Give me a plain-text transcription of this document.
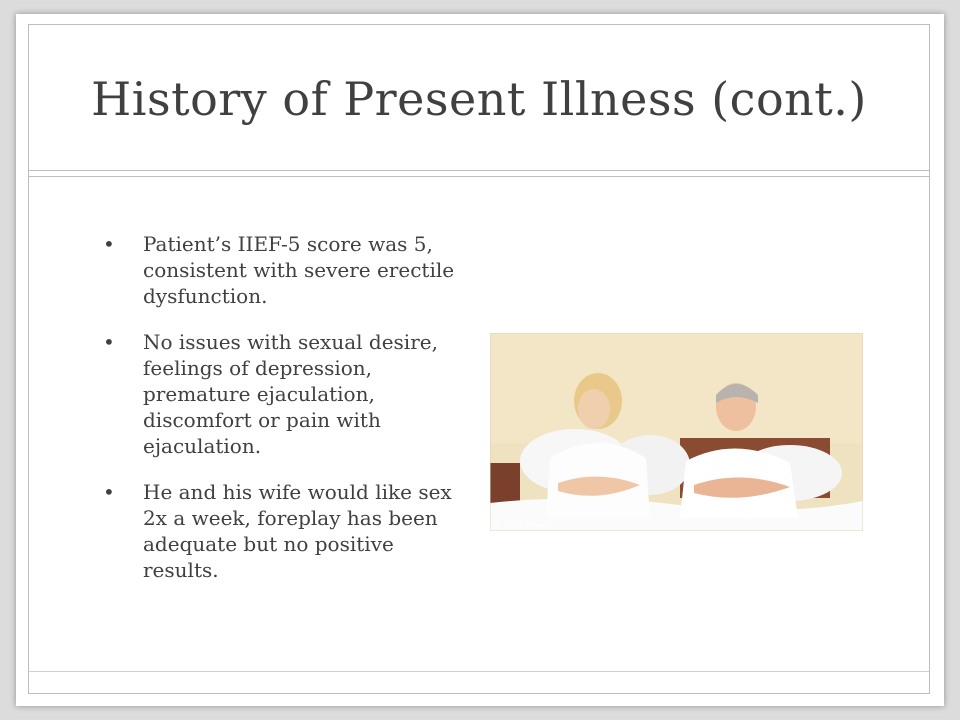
History of Present Illness (cont.)
• Patient’s IIEF-5 score was 5, consistent with severe erectile dysfunction.
• No issues with sexual desire, feelings of depression, premature ejaculation, discomfort or pain with ejaculation.
• He and his wife would like sex 2x a week, foreplay has been adequate but no positive results.
© Getty Images
